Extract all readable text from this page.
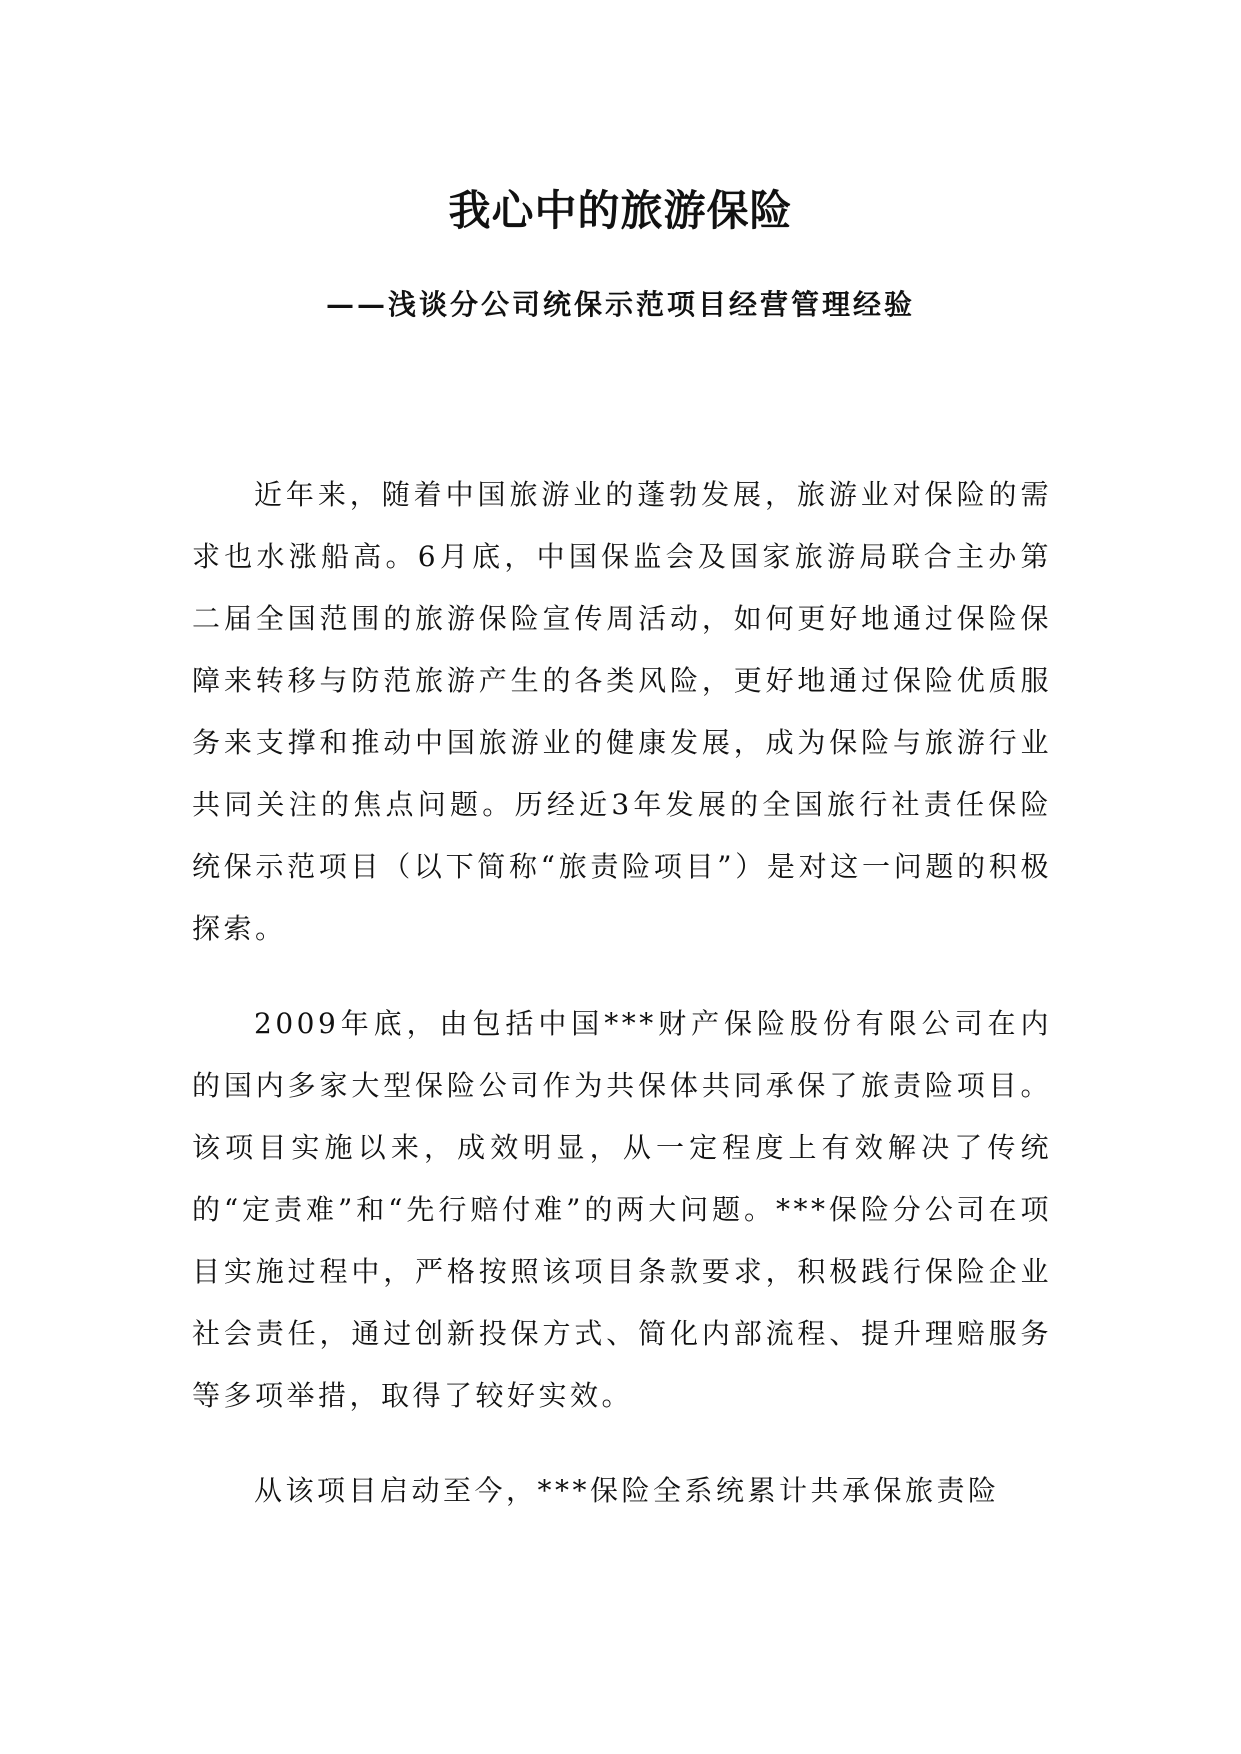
我心中的旅游保险
——浅谈分公司统保示范项目经营管理经验

近年来，随着中国旅游业的蓬勃发展，旅游业对保险的需求也水涨船高。6月底，中国保监会及国家旅游局联合主办第二届全国范围的旅游保险宣传周活动，如何更好地通过保险保障来转移与防范旅游产生的各类风险，更好地通过保险优质服务来支撑和推动中国旅游业的健康发展，成为保险与旅游行业共同关注的焦点问题。历经近3年发展的全国旅行社责任保险统保示范项目（以下简称“旅责险项目”）是对这一问题的积极探索。

2009年底，由包括中国***财产保险股份有限公司在内的国内多家大型保险公司作为共保体共同承保了旅责险项目。该项目实施以来，成效明显，从一定程度上有效解决了传统的“定责难”和“先行赔付难”的两大问题。***保险分公司在项目实施过程中，严格按照该项目条款要求，积极践行保险企业社会责任，通过创新投保方式、简化内部流程、提升理赔服务等多项举措，取得了较好实效。

从该项目启动至今，***保险全系统累计共承保旅责险
